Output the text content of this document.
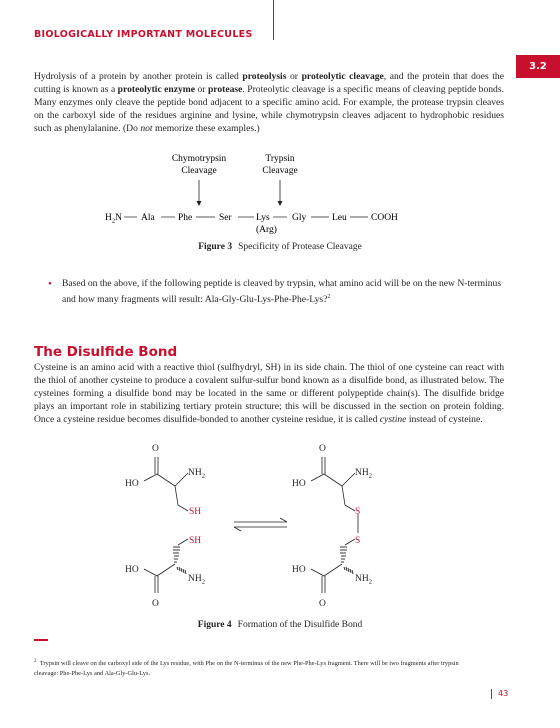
BIOLOGICALLY IMPORTANT MOLECULES
3.2

Hydrolysis of a protein by another protein is called proteolysis or proteolytic cleavage, and the protein that does the cutting is known as a proteolytic enzyme or protease. Proteolytic cleavage is a specific means of cleaving peptide bonds. Many enzymes only cleave the peptide bond adjacent to a specific amino acid. For example, the protease trypsin cleaves on the carboxyl side of the residues arginine and lysine, while chymotrypsin cleaves adjacent to hydrophobic residues such as phenylalanine. (Do not memorize these examples.)

Chymotrypsin
Cleavage
Trypsin
Cleavage
$H_2N$ Ala Phe	Ser	Lys
(Arg)
Gly	Leu	COOH
Figure 3 Specificity of Protease Cleavage
• Based on the above, if the following peptide is cleaved by trypsin, what amino acid will be on the new N-terminus and how many fragments will result: Ala-Gly-Glu-Lys-Phe-Phe-Lys?$^2$

The Disulfide Bond

Cysteine is an amino acid with a reactive thiol (sulfhydryl, SH) in its side chain. The thiol of one cysteine can react with the thiol of another cysteine to produce a covalent sulfur-sulfur bond known as a disulfide bond, as illustrated below. The cysteines forming a disulfide bond may be located in the same or different polypeptide chain(s). The disulfide bridge plays an important role in stabilizing tertiary protein structure; this will be discussed in the section on protein folding. Once a cysteine residue becomes disulfide-bonded to another cysteine residue, it is called cystine instead of cysteine.

O
HO
$NH_2$
SH
SH
HO
$NH_2$
O
O
HO
$NH_2$
S
S
HO
$NH_2$
O
Figure 4 Formation of the Disulfide Bond

$^2$ Trypsin will cleave on the carboxyl side of the Lys residue, with Phe on the N-terminus of the new Phe-Phe-Lys fragment. There will be two fragments after trypsin cleavage: Phe-Phe-Lys and Ala-Gly-Glu-Lys.

43
